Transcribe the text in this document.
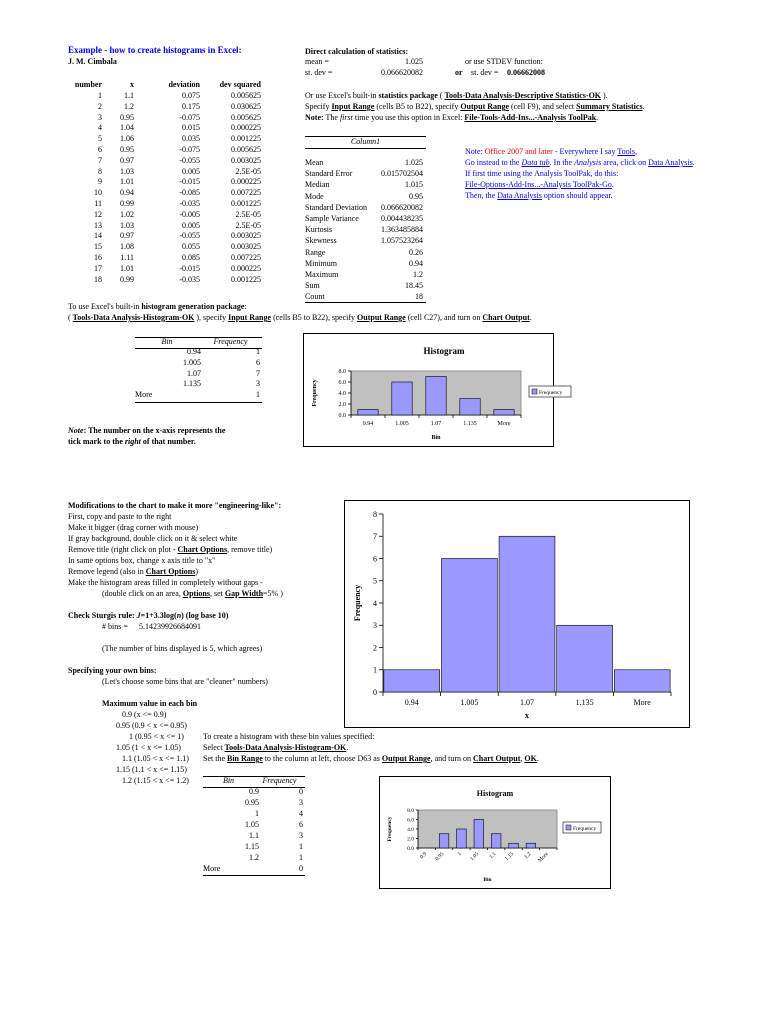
Example - how to create histograms in Excel:
J. M. Cimbala
number	x	deviation	dev squared
1	1.1	0.075	0.005625
2	1.2	0.175	0.030625
3	0.95	-0.075	0.005625
4	1.04	0.015	0.000225
5	1.06	0.035	0.001225
6	0.95	-0.075	0.005625
7	0.97	-0.055	0.003025
8	1.03	0.005	2.5E-05
9	1.01	-0.015	0.000225
10	0.94	-0.085	0.007225
11	0.99	-0.035	0.001225
12	1.02	-0.005	2.5E-05
13	1.03	0.005	2.5E-05
14	0.97	-0.055	0.003025
15	1.08	0.055	0.003025
16	1.11	0.085	0.007225
17	1.01	-0.015	0.000225
18	0.99	-0.035	0.001225
Direct calculation of statistics:
mean =	1.025
st. dev =	0.066620082
or use STDEV function:
or st. dev = 0.06662008
Or use Excel's built-in statistics package ( Tools-Data Analysis-Descriptive Statistics-OK ).
Specify Input Range (cells B5 to B22), specify Output Range (cell F9), and select Summary Statistics.
Note: The first time you use this option in Excel: File-Tools-Add-Ins...-Analysis ToolPak.
Column1
Mean	1.025
Standard Error	0.015702504
Median	1.015
Mode	0.95
Standard Deviation	0.066620082
Sample Variance	0.004438235
Kurtosis	1.363485884
Skewness	1.057523264
Range	0.26
Minimum	0.94
Maximum	1.2
Sum	18.45
Count	18
Note: Office 2007 and later - Everywhere I say Tools,
Go instead to the Data tab. In the Analysis area, click on Data Analysis.
If first time using the Analysis ToolPak, do this:
File-Options-Add-Ins...-Analysis ToolPak-Go.
Then, the Data Analysis option should appear.
To use Excel's built-in histogram generation package:
( Tools-Data Analysis-Histogram-OK ), specify Input Range (cells B5 to B22), specify Output Range (cell C27), and turn on Chart Output.
Bin	Frequency
0.94	1
1.005	6
1.07	7
1.135	3
More	1
Histogram
0.0
2.0
4.0
6.0
8.0
0.94	1.005	1.07	1.135	More
Bin
Frequency	Frequency
Note: The number on the x-axis represents the
tick mark to the right of that number.
Modifications to the chart to make it more "engineering-like":
First, copy and paste to the right
Make it bigger (drag corner with mouse)
If gray background, double click on it & select white
Remove title (right click on plot - Chart Options, remove title)
In same options box, change x axis title to "x"
Remove legend (also in Chart Options)
Make the histogram areas filled in completely without gaps -
(double click on an area, Options, set Gap Width=5% )
Check Sturgis rule: J=1+3.3log(n) (log base 10)
# bins = 5.14239926684091
(The number of bins displayed is 5, which agrees)
Specifying your own bins:
(Let's choose some bins that are "cleaner" numbers)
Maximum value in each bin
0.9 (x <= 0.9)
0.95 (0.9 < x <= 0.95)
1 (0.95 < x <= 1)
1.05 (1 < x <= 1.05)
1.1 (1.05 < x <= 1.1)
1.15 (1.1 < x <= 1.15)
1.2 (1.15 < x <= 1.2)
To create a histogram with these bin values specified:
Select Tools-Data Analysis-Histogram-OK.
Set the Bin Range to the column at left, choose D63 as Output Range, and turn on Chart Output, OK.
Bin	Frequency
0.9	0
0.95	3
1	4
1.05	6
1.1	3
1.15	1
1.2	1
More	0
0
1
2
3
4
5
6
7
8
0.94	1.005	1.07	1.135	More
x
Frequency
Histogram
0.0
2.0
4.0
6.0
8.0
0.9 0.95 1 1.05 1.1 1.15 1.2 More
Bin
Frequency	Frequency
